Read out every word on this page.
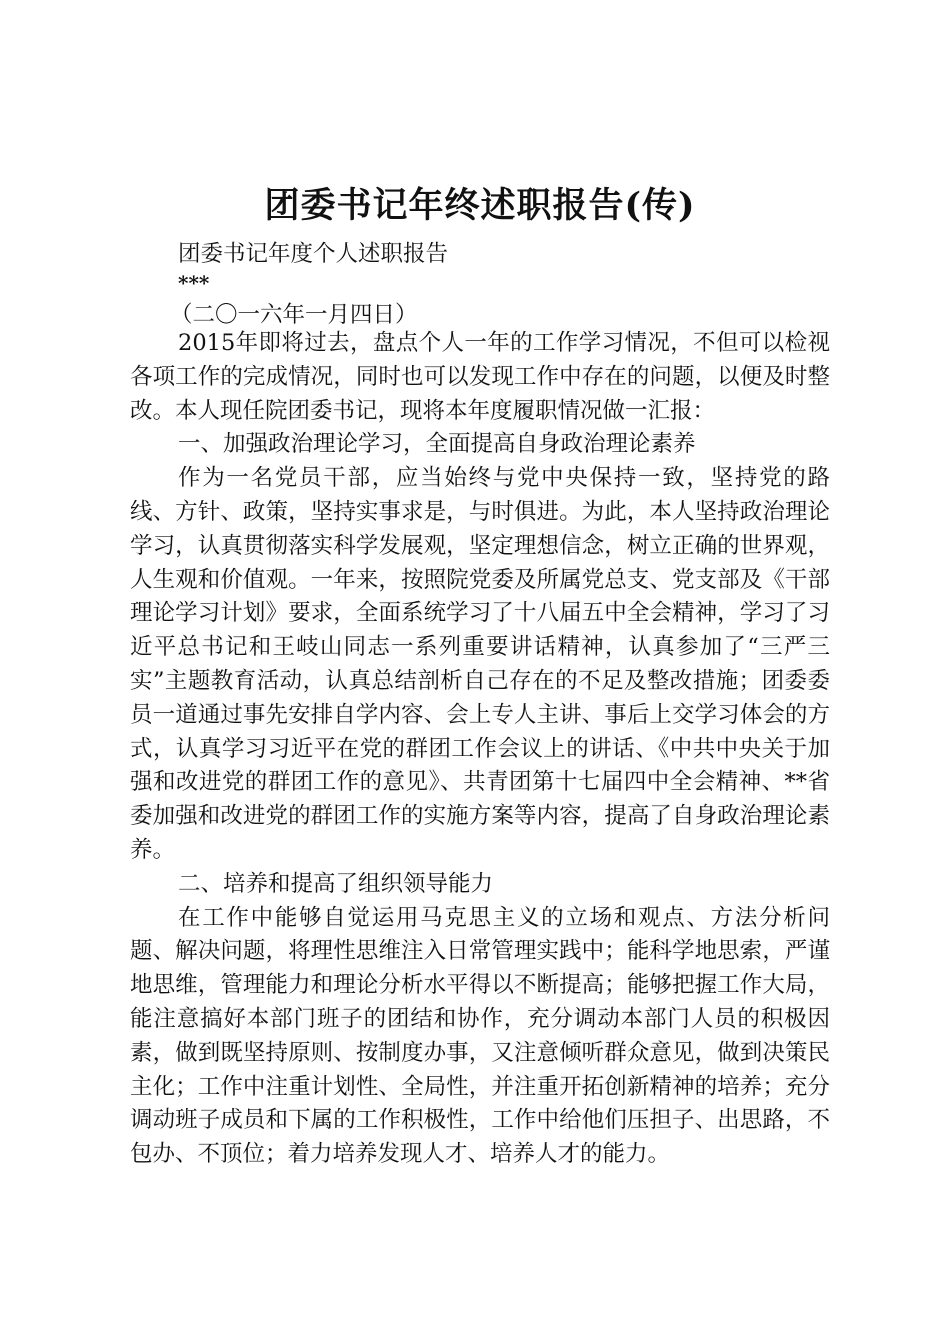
团委书记年终述职报告(传)
团委书记年度个人述职报告
***
（二〇一六年一月四日）

2015年即将过去，盘点个人一年的工作学习情况，不但可以检视各项工作的完成情况，同时也可以发现工作中存在的问题，以便及时整改。本人现任院团委书记，现将本年度履职情况做一汇报：

一、加强政治理论学习，全面提高自身政治理论素养

作为一名党员干部，应当始终与党中央保持一致，坚持党的路线、方针、政策，坚持实事求是，与时俱进。为此，本人坚持政治理论学习，认真贯彻落实科学发展观，坚定理想信念，树立正确的世界观，人生观和价值观。一年来，按照院党委及所属党总支、党支部及《干部理论学习计划》要求，全面系统学习了十八届五中全会精神，学习了习近平总书记和王岐山同志一系列重要讲话精神，认真参加了“三严三实”主题教育活动，认真总结剖析自己存在的不足及整改措施；团委委员一道通过事先安排自学内容、会上专人主讲、事后上交学习体会的方式，认真学习习近平在党的群团工作会议上的讲话、《中共中央关于加强和改进党的群团工作的意见》、共青团第十七届四中全会精神、**省委加强和改进党的群团工作的实施方案等内容，提高了自身政治理论素养。

二、培养和提高了组织领导能力

在工作中能够自觉运用马克思主义的立场和观点、方法分析问题、解决问题，将理性思维注入日常管理实践中；能科学地思索，严谨地思维，管理能力和理论分析水平得以不断提高；能够把握工作大局，能注意搞好本部门班子的团结和协作，充分调动本部门人员的积极因素，做到既坚持原则、按制度办事，又注意倾听群众意见，做到决策民主化；工作中注重计划性、全局性，并注重开拓创新精神的培养；充分调动班子成员和下属的工作积极性，工作中给他们压担子、出思路，不包办、不顶位；着力培养发现人才、培养人才的能力。
